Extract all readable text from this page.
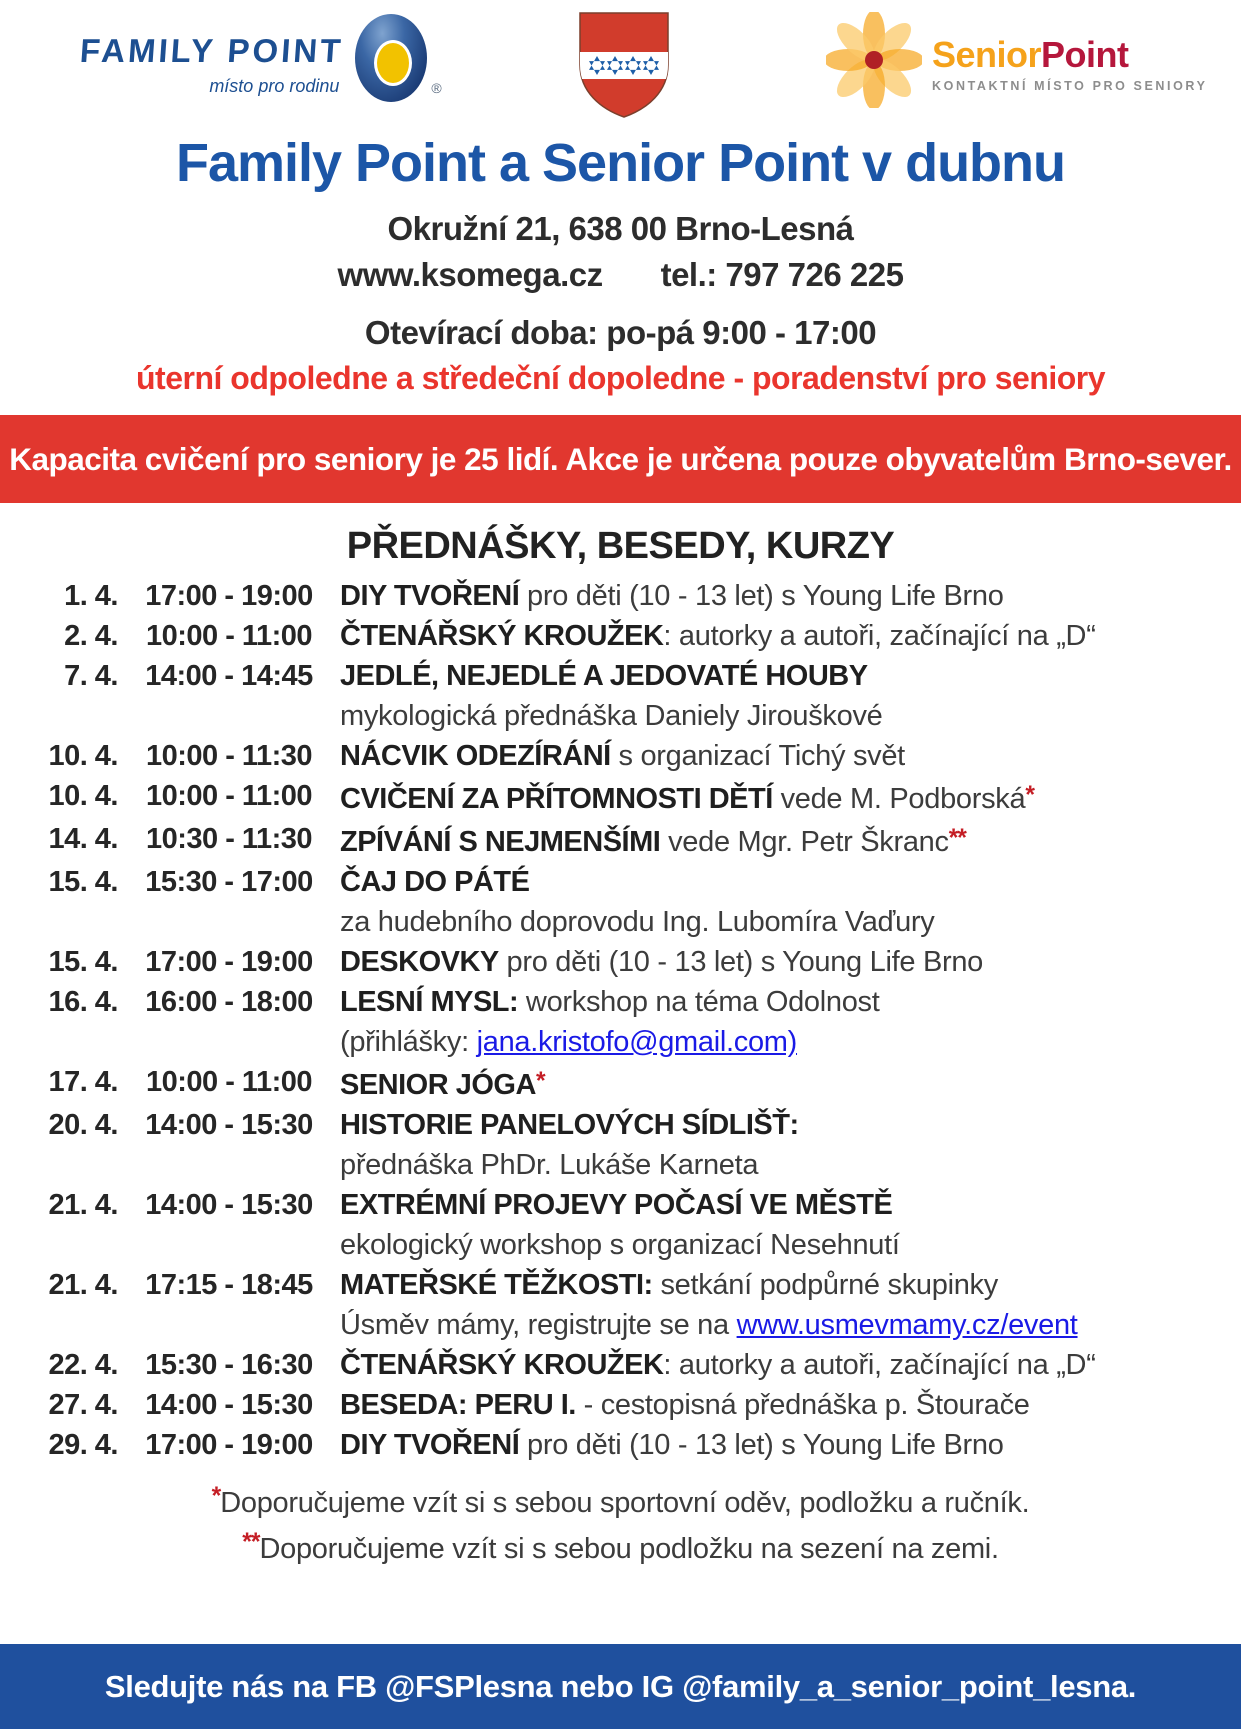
FAMILY POINT
místo pro rodinu	®
SeniorPoint
KONTAKTNÍ MÍSTO PRO SENIORY
Family Point a Senior Point v dubnu
Okružní 21, 638 00 Brno-Lesná
www.ksomega.cz tel.: 797 726 225
Otevírací doba: po-pá 9:00 - 17:00
úterní odpoledne a středeční dopoledne - poradenství pro seniory
Kapacita cvičení pro seniory je 25 lidí. Akce je určena pouze obyvatelům Brno-sever.
PŘEDNÁŠKY, BESEDY, KURZY
1. 4. 17:00 - 19:00 DIY TVOŘENÍ pro děti (10 - 13 let) s Young Life Brno
2. 4. 10:00 - 11:00 ČTENÁŘSKÝ KROUŽEK: autorky a autoři, začínající na „D“
7. 4. 14:00 - 14:45 JEDLÉ, NEJEDLÉ A JEDOVATÉ HOUBY
mykologická přednáška Daniely Jirouškové
10. 4. 10:00 - 11:30 NÁCVIK ODEZÍRÁNÍ s organizací Tichý svět
10. 4. 10:00 - 11:00 CVIČENÍ ZA PŘÍTOMNOSTI DĚTÍ vede M. Podborská*
14. 4. 10:30 - 11:30 ZPÍVÁNÍ S NEJMENŠÍMI vede Mgr. Petr Škranc**
15. 4. 15:30 - 17:00 ČAJ DO PÁTÉ
za hudebního doprovodu Ing. Lubomíra Vaďury
15. 4. 17:00 - 19:00 DESKOVKY pro děti (10 - 13 let) s Young Life Brno
16. 4. 16:00 - 18:00 LESNÍ MYSL: workshop na téma Odolnost
(přihlášky: jana.kristofo@gmail.com)
17. 4. 10:00 - 11:00 SENIOR JÓGA*
20. 4. 14:00 - 15:30 HISTORIE PANELOVÝCH SÍDLIŠŤ:
přednáška PhDr. Lukáše Karneta
21. 4. 14:00 - 15:30 EXTRÉMNÍ PROJEVY POČASÍ VE MĚSTĚ
ekologický workshop s organizací Nesehnutí
21. 4. 17:15 - 18:45 MATEŘSKÉ TĚŽKOSTI: setkání podpůrné skupinky
Úsměv mámy, registrujte se na www.usmevmamy.cz/event
22. 4. 15:30 - 16:30 ČTENÁŘSKÝ KROUŽEK: autorky a autoři, začínající na „D“
27. 4. 14:00 - 15:30 BESEDA: PERU I. - cestopisná přednáška p. Štourače
29. 4. 17:00 - 19:00 DIY TVOŘENÍ pro děti (10 - 13 let) s Young Life Brno
*Doporučujeme vzít si s sebou sportovní oděv, podložku a ručník.
**Doporučujeme vzít si s sebou podložku na sezení na zemi.
Sledujte nás na FB @FSPlesna nebo IG @family_a_senior_point_lesna.
